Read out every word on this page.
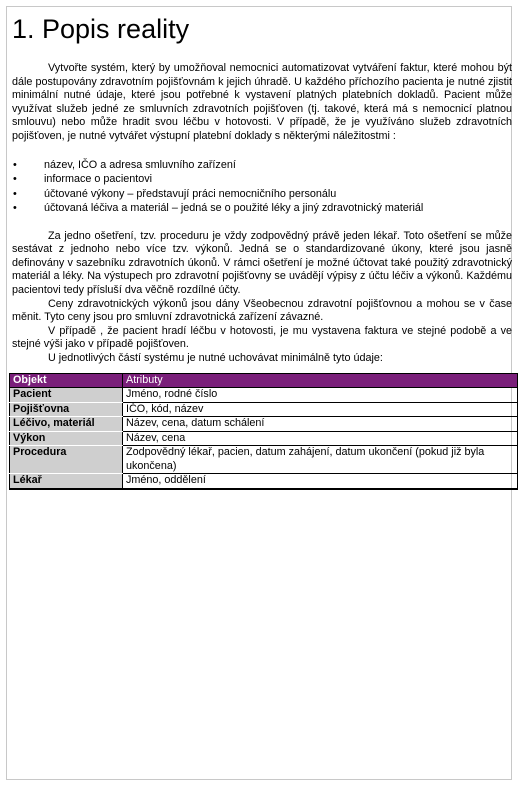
1. Popis reality

Vytvořte systém, který by umožňoval nemocnici automatizovat vytváření faktur, které mohou být dále postupovány zdravotním pojišťovnám k jejich úhradě. U každého příchozího pacienta je nutné zjistit minimální nutné údaje, které jsou potřebné k vystavení platných platebních dokladů. Pacient může využívat služeb jedné ze smluvních zdravotních pojišťoven (tj. takové, která má s nemocnicí platnou smlouvu) nebo může hradit svou léčbu v hotovosti. V případě, že je využíváno služeb zdravotních pojišťoven, je nutné vytvářet výstupní platební doklady s některými náležitostmi :

•	název, IČO a adresa smluvního zařízení
•	informace o pacientovi
•	účtované výkony – představují práci nemocničního personálu
•	účtovaná léčiva a materiál – jedná se o použité léky a jiný zdravotnický materiál

Za jedno ošetření, tzv. proceduru je vždy zodpovědný právě jeden lékař. Toto ošetření se může sestávat z jednoho nebo více tzv. výkonů. Jedná se o standardizované úkony, které jsou jasně definovány v sazebníku zdravotních úkonů. V rámci ošetření je možné účtovat také použitý zdravotnický materiál a léky. Na výstupech pro zdravotní pojišťovny se uvádějí výpisy z účtu léčiv a výkonů. Každému pacientovi tedy přísluší dva věčně rozdílné účty.

Ceny zdravotnických výkonů jsou dány Všeobecnou zdravotní pojišťovnou a mohou se v čase měnit. Tyto ceny jsou pro smluvní zdravotnická zařízení závazné.

V případě , že pacient hradí léčbu v hotovosti, je mu vystavena faktura ve stejné podobě a ve stejné výši jako v případě pojišťoven.

U jednotlivých částí systému je nutné uchovávat minimálně tyto údaje:

Objekt	Atributy
Pacient	Jméno, rodné číslo
Pojišťovna	IČO, kód, název
Léčivo, materiál	Název, cena, datum schálení
Výkon	Název, cena
Procedura	Zodpovědný lékař, pacien, datum zahájení, datum ukončení (pokud již byla ukončena)
Lékař	Jméno, oddělení
